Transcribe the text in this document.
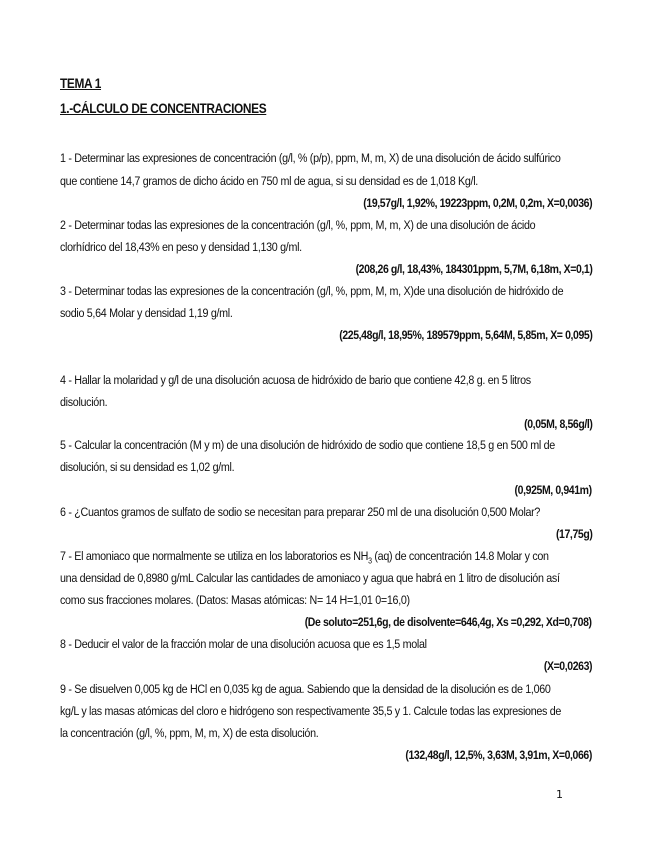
TEMA 1
1.-CÁLCULO DE CONCENTRACIONES
1 - Determinar las expresiones de concentración (g/l, % (p/p), ppm, M, m, X) de una disolución de ácido sulfúrico
que contiene 14,7 gramos de dicho ácido en 750 ml de agua, si su densidad es de 1,018 Kg/l.
(19,57g/l, 1,92%, 19223ppm, 0,2M, 0,2m, X=0,0036)
2 - Determinar todas las expresiones de la concentración (g/l, %, ppm, M, m, X) de una disolución de ácido
clorhídrico del 18,43% en peso y densidad 1,130 g/ml.
(208,26 g/l, 18,43%, 184301ppm, 5,7M, 6,18m, X=0,1)
3 - Determinar todas las expresiones de la concentración (g/l, %, ppm, M, m, X)de una disolución de hidróxido de
sodio 5,64 Molar y densidad 1,19 g/ml.
(225,48g/l, 18,95%, 189579ppm, 5,64M, 5,85m, X= 0,095)
4 - Hallar la molaridad y g/l de una disolución acuosa de hidróxido de bario que contiene 42,8 g. en 5 litros
disolución.
(0,05M, 8,56g/l)
5 - Calcular la concentración (M y m) de una disolución de hidróxido de sodio que contiene 18,5 g en 500 ml de
disolución, si su densidad es 1,02 g/ml.
(0,925M, 0,941m)
6 - ¿Cuantos gramos de sulfato de sodio se necesitan para preparar 250 ml de una disolución 0,500 Molar?
(17,75g)
7 - El amoniaco que normalmente se utiliza en los laboratorios es $NH_3$ (aq) de concentración 14.8 Molar y con
una densidad de 0,8980 g/mL Calcular las cantidades de amoniaco y agua que habrá en 1 litro de disolución así
como sus fracciones molares. (Datos: Masas atómicas: N= 14 H=1,01 0=16,0)
(De soluto=251,6g, de disolvente=646,4g, Xs =0,292, Xd=0,708)
8 - Deducir el valor de la fracción molar de una disolución acuosa que es 1,5 molal
(X=0,0263)
9 - Se disuelven 0,005 kg de HCl en 0,035 kg de agua. Sabiendo que la densidad de la disolución es de 1,060
kg/L y las masas atómicas del cloro e hidrógeno son respectivamente 35,5 y 1. Calcule todas las expresiones de
la concentración (g/l, %, ppm, M, m, X) de esta disolución.
(132,48g/l, 12,5%, 3,63M, 3,91m, X=0,066)
1
